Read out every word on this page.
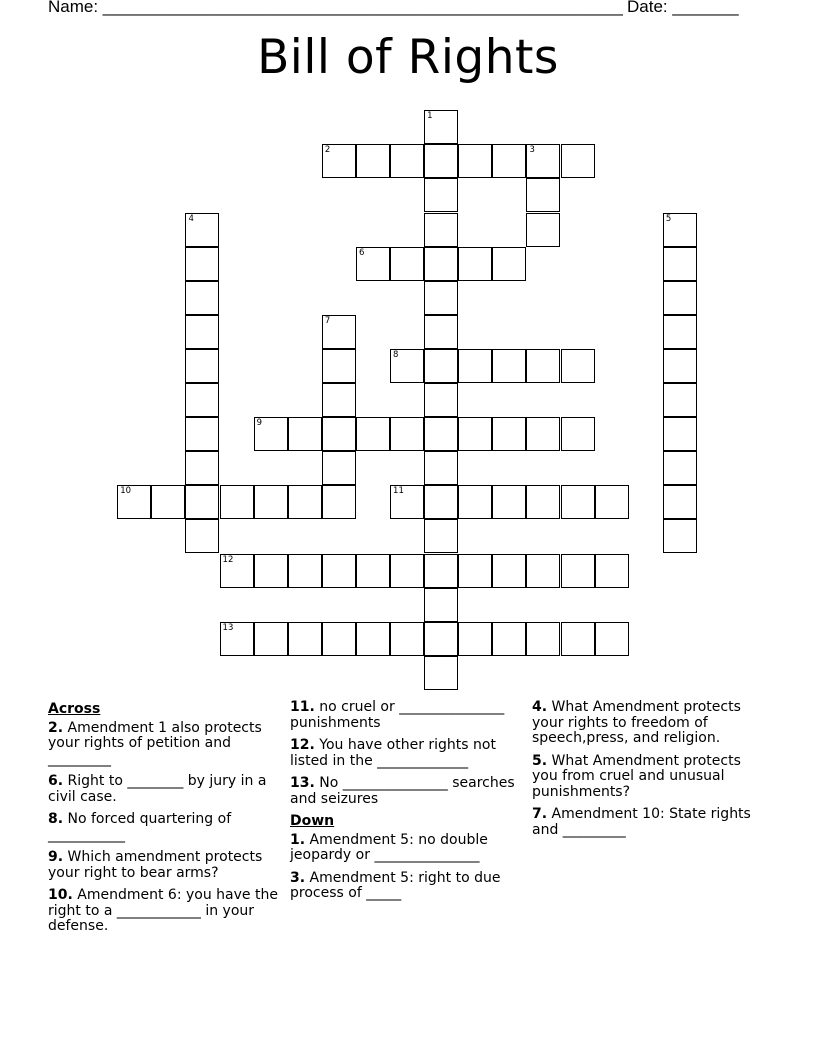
Name: _______________________________________________________ Date: _______
Bill of Rights
1
2	3
4	5
6
7
8
9
10	11
12
13
Across
2. Amendment 1 also protects your rights of petition and _________
6. Right to ________ by jury in a civil case.
8. No forced quartering of ___________
9. Which amendment protects your right to bear arms?
10. Amendment 6: you have the right to a ____________ in your defense.
11. no cruel or _______________ punishments
12. You have other rights not listed in the _____________
13. No _______________ searches and seizures
Down
1. Amendment 5: no double jeopardy or _______________
3. Amendment 5: right to due process of _____
4. What Amendment protects your rights to freedom of speech,press, and religion.
5. What Amendment protects you from cruel and unusual punishments?
7. Amendment 10: State rights and _________
